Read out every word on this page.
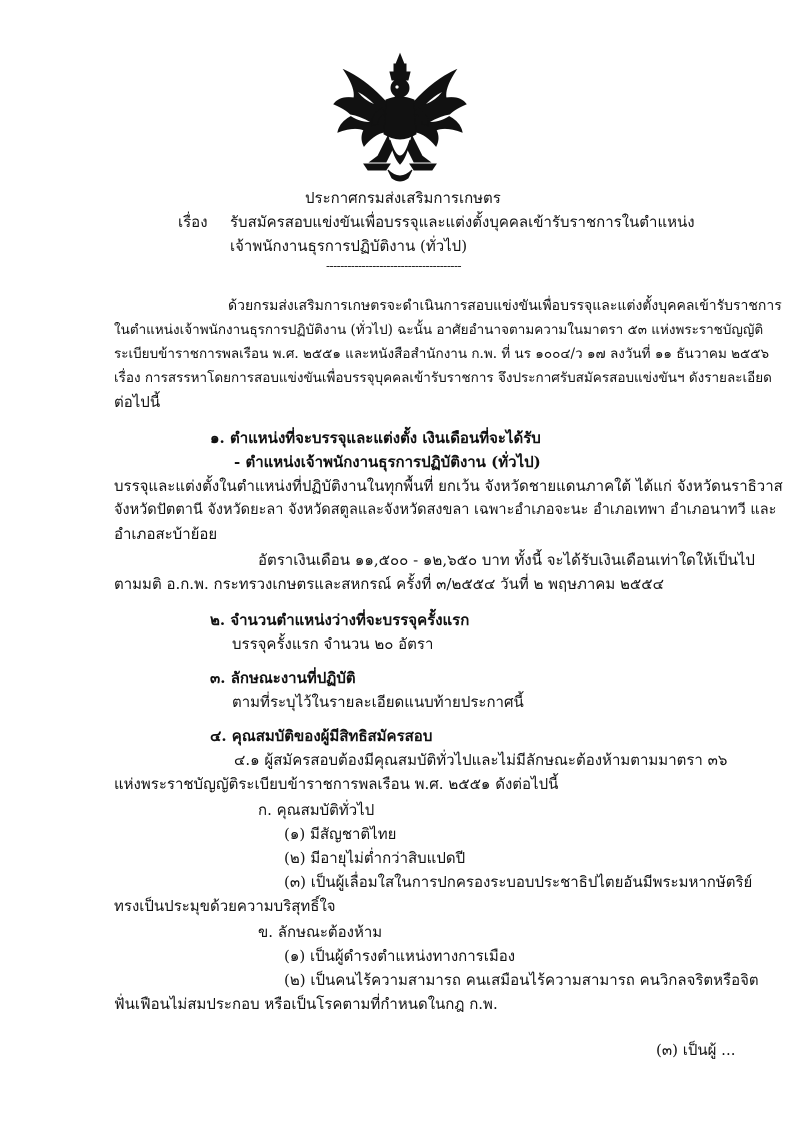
ประกาศกรมส่งเสริมการเกษตร
เรื่อง รับสมัครสอบแข่งขันเพื่อบรรจุและแต่งตั้งบุคคลเข้ารับราชการในตำแหน่ง
เจ้าพนักงานธุรการปฏิบัติงาน (ทั่วไป)
--------------------------------------
ด้วยกรมส่งเสริมการเกษตรจะดำเนินการสอบแข่งขันเพื่อบรรจุและแต่งตั้งบุคคลเข้ารับราชการ
ในตำแหน่งเจ้าพนักงานธุรการปฏิบัติงาน (ทั่วไป) ฉะนั้น อาศัยอำนาจตามความในมาตรา ๕๓ แห่งพระราชบัญญัติ
ระเบียบข้าราชการพลเรือน พ.ศ. ๒๕๕๑ และหนังสือสำนักงาน ก.พ. ที่ นร ๑๐๐๔/ว ๑๗ ลงวันที่ ๑๑ ธันวาคม ๒๕๕๖
เรื่อง การสรรหาโดยการสอบแข่งขันเพื่อบรรจุบุคคลเข้ารับราชการ จึงประกาศรับสมัครสอบแข่งขันฯ ดังรายละเอียด
ต่อไปนี้
๑. ตำแหน่งที่จะบรรจุและแต่งตั้ง เงินเดือนที่จะได้รับ
- ตำแหน่งเจ้าพนักงานธุรการปฏิบัติงาน (ทั่วไป)
บรรจุและแต่งตั้งในตำแหน่งที่ปฏิบัติงานในทุกพื้นที่ ยกเว้น จังหวัดชายแดนภาคใต้ ได้แก่ จังหวัดนราธิวาส
จังหวัดปัตตานี จังหวัดยะลา จังหวัดสตูลและจังหวัดสงขลา เฉพาะอำเภอจะนะ อำเภอเทพา อำเภอนาทวี และ
อำเภอสะบ้าย้อย
อัตราเงินเดือน ๑๑,๕๐๐ - ๑๒,๖๕๐ บาท ทั้งนี้ จะได้รับเงินเดือนเท่าใดให้เป็นไป
ตามมติ อ.ก.พ. กระทรวงเกษตรและสหกรณ์ ครั้งที่ ๓/๒๕๕๔ วันที่ ๒ พฤษภาคม ๒๕๕๔
๒. จำนวนตำแหน่งว่างที่จะบรรจุครั้งแรก
บรรจุครั้งแรก จำนวน ๒๐ อัตรา
๓. ลักษณะงานที่ปฏิบัติ
ตามที่ระบุไว้ในรายละเอียดแนบท้ายประกาศนี้
๔. คุณสมบัติของผู้มีสิทธิสมัครสอบ
๔.๑ ผู้สมัครสอบต้องมีคุณสมบัติทั่วไปและไม่มีลักษณะต้องห้ามตามมาตรา ๓๖
แห่งพระราชบัญญัติระเบียบข้าราชการพลเรือน พ.ศ. ๒๕๕๑ ดังต่อไปนี้
ก. คุณสมบัติทั่วไป
(๑) มีสัญชาติไทย
(๒) มีอายุไม่ต่ำกว่าสิบแปดปี
(๓) เป็นผู้เลื่อมใสในการปกครองระบอบประชาธิปไตยอันมีพระมหากษัตริย์
ทรงเป็นประมุขด้วยความบริสุทธิ์ใจ
ข. ลักษณะต้องห้าม
(๑) เป็นผู้ดำรงตำแหน่งทางการเมือง
(๒) เป็นคนไร้ความสามารถ คนเสมือนไร้ความสามารถ คนวิกลจริตหรือจิต
ฟั่นเฟือนไม่สมประกอบ หรือเป็นโรคตามที่กำหนดในกฎ ก.พ.
(๓) เป็นผู้ ...
